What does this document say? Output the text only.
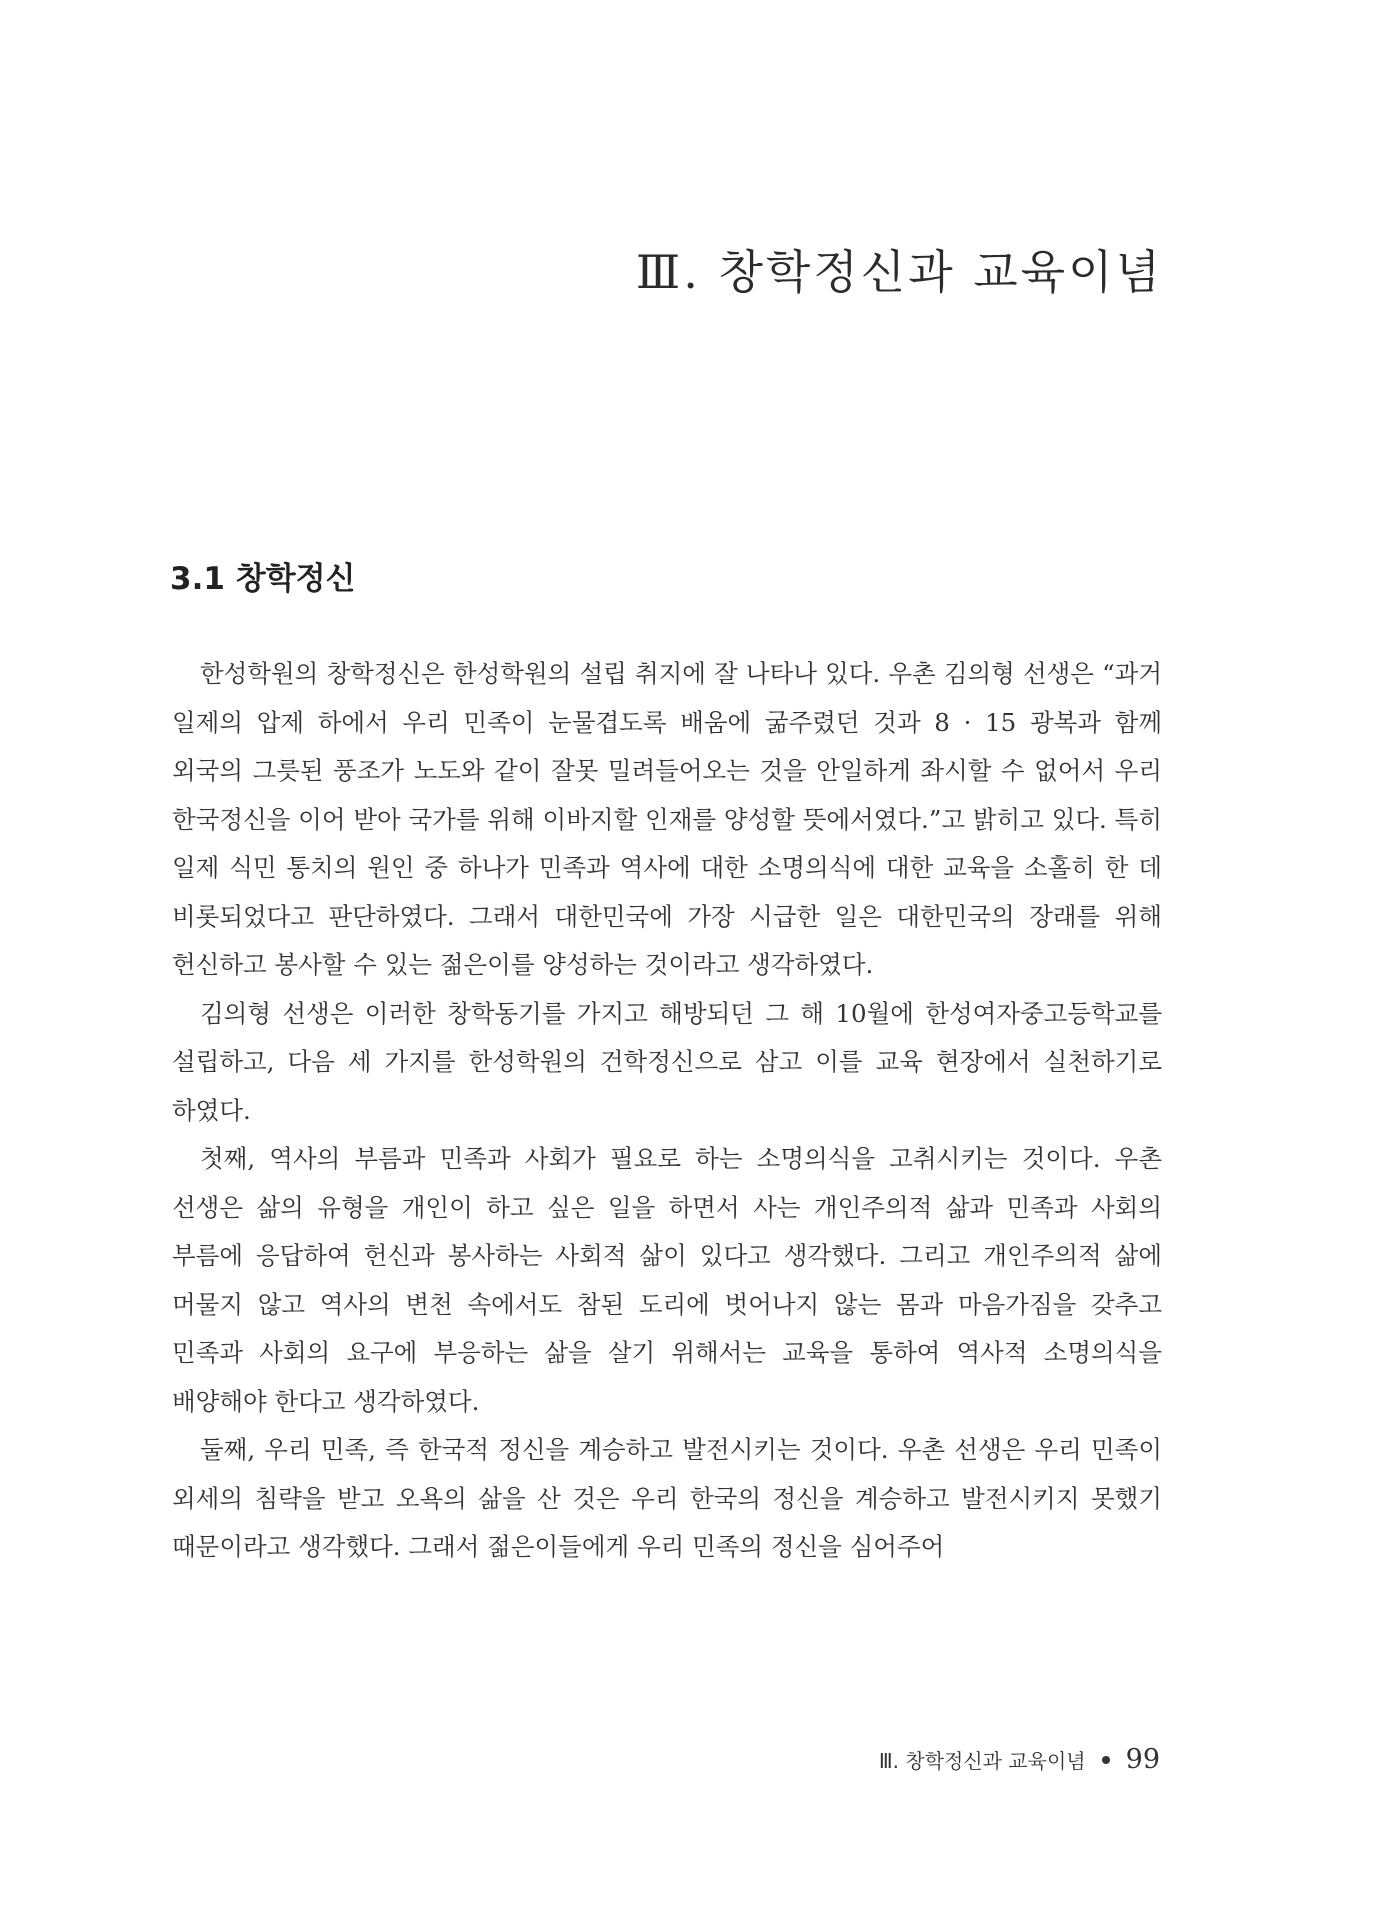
Ⅲ. 창학정신과 교육이념
3.1 창학정신

한성학원의 창학정신은 한성학원의 설립 취지에 잘 나타나 있다. 우촌 김의형 선생은 “과거 일제의 압제 하에서 우리 민족이 눈물겹도록 배움에 굶주렸던 것과 8 · 15 광복과 함께 외국의 그릇된 풍조가 노도와 같이 잘못 밀려들어오는 것을 안일하게 좌시할 수 없어서 우리 한국정신을 이어 받아 국가를 위해 이바지할 인재를 양성할 뜻에서였다.”고 밝히고 있다. 특히 일제 식민 통치의 원인 중 하나가 민족과 역사에 대한 소명의식에 대한 교육을 소홀히 한 데 비롯되었다고 판단하였다. 그래서 대한민국에 가장 시급한 일은 대한민국의 장래를 위해 헌신하고 봉사할 수 있는 젊은이를 양성하는 것이라고 생각하였다.

김의형 선생은 이러한 창학동기를 가지고 해방되던 그 해 10월에 한성여자중고등학교를 설립하고, 다음 세 가지를 한성학원의 건학정신으로 삼고 이를 교육 현장에서 실천하기로 하였다.

첫째, 역사의 부름과 민족과 사회가 필요로 하는 소명의식을 고취시키는 것이다. 우촌 선생은 삶의 유형을 개인이 하고 싶은 일을 하면서 사는 개인주의적 삶과 민족과 사회의 부름에 응답하여 헌신과 봉사하는 사회적 삶이 있다고 생각했다. 그리고 개인주의적 삶에 머물지 않고 역사의 변천 속에서도 참된 도리에 벗어나지 않는 몸과 마음가짐을 갖추고 민족과 사회의 요구에 부응하는 삶을 살기 위해서는 교육을 통하여 역사적 소명의식을 배양해야 한다고 생각하였다.

둘째, 우리 민족, 즉 한국적 정신을 계승하고 발전시키는 것이다. 우촌 선생은 우리 민족이 외세의 침략을 받고 오욕의 삶을 산 것은 우리 한국의 정신을 계승하고 발전시키지 못했기 때문이라고 생각했다. 그래서 젊은이들에게 우리 민족의 정신을 심어주어

Ⅲ. 창학정신과 교육이념 99
